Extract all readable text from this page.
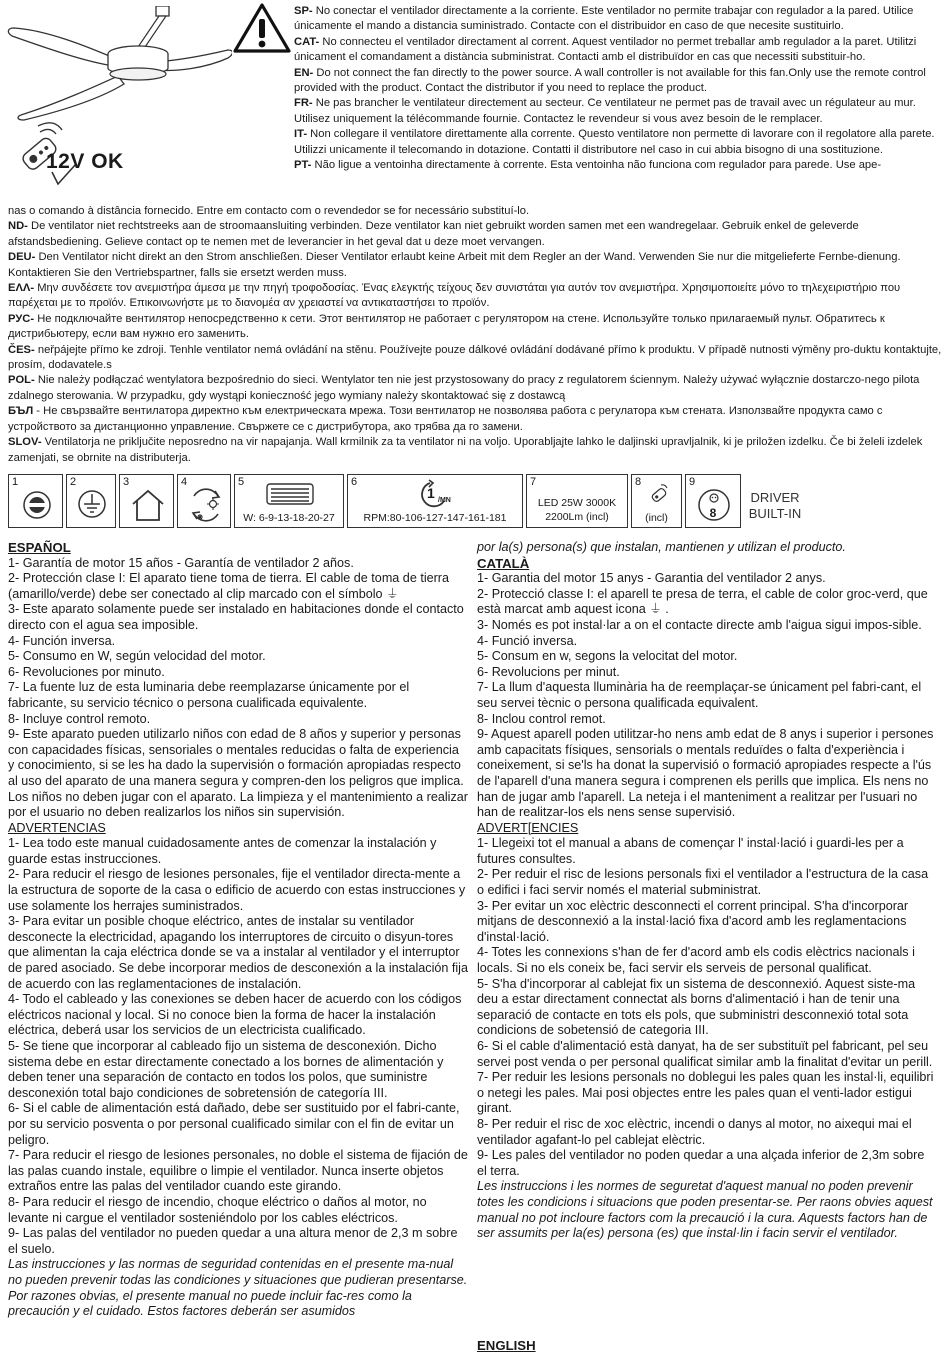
12V OK
SP- No conectar el ventilador directamente a la corriente. Este ventilador no permite trabajar con regulador a la pared. Utilice únicamente el mando a distancia suministrado. Contacte con el distribuidor en caso de que necesite sustituirlo.
CAT- No connecteu el ventilador directament al corrent. Aquest ventilador no permet treballar amb regulador a la paret. Utilitzi únicament el comandament a distància subministrat. Contacti amb el distribuïdor en cas que necessiti substituir-ho.
EN- Do not connect the fan directly to the power source. A wall controller is not available for this fan.Only use the remote control provided with the product. Contact the distributor if you need to replace the product.
FR- Ne pas brancher le ventilateur directement au secteur. Ce ventilateur ne permet pas de travail avec un régulateur au mur. Utilisez uniquement la télécommande fournie. Contactez le revendeur si vous avez besoin de le remplacer.
IT- Non collegare il ventilatore direttamente alla corrente. Questo ventilatore non permette di lavorare con il regolatore alla parete. Utilizzi unicamente il telecomando in dotazione. Contatti il distributore nel caso in cui abbia bisogno di una sostituzione.
PT- Não ligue a ventoinha directamente à corrente. Esta ventoinha não funciona com regulador para parede. Use ape-
nas o comando à distância fornecido. Entre em contacto com o revendedor se for necessário substituí-lo.
ND- De ventilator niet rechtstreeks aan de stroomaansluiting verbinden. Deze ventilator kan niet gebruikt worden samen met een wandregelaar. Gebruik enkel de geleverde afstandsbediening. Gelieve contact op te nemen met de leverancier in het geval dat u deze moet vervangen.
DEU- Den Ventilator nicht direkt an den Strom anschließen. Dieser Ventilator erlaubt keine Arbeit mit dem Regler an der Wand. Verwenden Sie nur die mitgelieferte Fernbe-dienung. Kontaktieren Sie den Vertriebspartner, falls sie ersetzt werden muss.
ΕΛΛ- Μην συνδέσετε τον ανεμιστήρα άμεσα με την πηγή τροφοδοσίας. Ένας ελεγκτής τείχους δεν συνιστάται για αυτόν τον ανεμιστήρα. Χρησιμοποιείτε μόνο το τηλεχειριστήριο που παρέχεται με το προϊόν. Επικοινωνήστε με το διανομέα αν χρειαστεί να αντικαταστήσει το προϊόν.
РУС- Не подключайте вентилятор непосредственно к сети. Этот вентилятор не работает с регулятором на стене. Используйте только прилагаемый пульт. Обратитесь к дистрибьютеру, если вам нужно его заменить.
ČES- neřpájejte přímo ke zdroji. Tenhle ventilator nemá ovládání na stěnu. Používejte pouze dálkové ovládání dodávané přímo k produktu. V případě nutnosti výměny pro-duktu kontaktujte, prosím, dodavatele.s
POL- Nie należy podłączać wentylatora bezpośrednio do sieci. Wentylator ten nie jest przystosowany do pracy z regulatorem ściennym. Należy używać wyłącznie dostarczo-nego pilota zdalnego sterowania. W przypadku, gdy wystąpi konieczność jego wymiany należy skontaktować się z dostawcą
БЪЛ - Не свързвайте вентилатора директно към електрическата мрежа. Този вентилатор не позволява работа с регулатора към стената. Използвайте продукта само с устройството за дистанционно управление. Свържете се с дистрибутора, ако трябва да го замени.
SLOV- Ventilatorja ne priključite neposredno na vir napajanja. Wall krmilnik za ta ventilator ni na voljo. Uporabljajte lahko le daljinski upravljalnik, ki je priložen izdelku. Če bi želeli izdelek zamenjati, se obrnite na distributerja.
1	2	3	4	5
W: 6-9-13-18-20-27
6
1 /MN
RPM:80-106-127-147-161-181
7
LED 25W 3000K
2200Lm (incl)
8
(incl)
9
8
DRIVER
BUILT-IN

ESPAÑOL

1- Garantía de motor 15 años - Garantía de ventilador 2 años.

2- Protección clase I: El aparato tiene toma de tierra. El cable de toma de tierra (amarillo/verde) debe ser conectado al clip marcado con el símbolo ⏚

3- Este aparato solamente puede ser instalado en habitaciones donde el contacto directo con el agua sea imposible.

4- Función inversa.

5- Consumo en W, según velocidad del motor.

6- Revoluciones por minuto.

7- La fuente luz de esta luminaria debe reemplazarse únicamente por el fabricante, su servicio técnico o persona cualificada equivalente.

8- Incluye control remoto.

9- Este aparato pueden utilizarlo niños con edad de 8 años y superior y personas con capacidades físicas, sensoriales o mentales reducidas o falta de experiencia y conocimiento, si se les ha dado la supervisión o formación apropiadas respecto al uso del aparato de una manera segura y compren-den los peligros que implica. Los niños no deben jugar con el aparato. La limpieza y el mantenimiento a realizar por el usuario no deben realizarlos los niños sin supervisión.

ADVERTENCIAS

1- Lea todo este manual cuidadosamente antes de comenzar la instalación y guarde estas instrucciones.

2- Para reducir el riesgo de lesiones personales, fije el ventilador directa-mente a la estructura de soporte de la casa o edificio de acuerdo con estas instrucciones y use solamente los herrajes suministrados.

3- Para evitar un posible choque eléctrico, antes de instalar su ventilador desconecte la electricidad, apagando los interruptores de circuito o disyun-tores que alimentan la caja eléctrica donde se va a instalar al ventilador y el interruptor de pared asociado. Se debe incorporar medios de desconexión a la instalación fija de acuerdo con las reglamentaciones de instalación.

4- Todo el cableado y las conexiones se deben hacer de acuerdo con los códigos eléctricos nacional y local. Si no conoce bien la forma de hacer la instalación eléctrica, deberá usar los servicios de un electricista cualificado.

5- Se tiene que incorporar al cableado fijo un sistema de desconexión. Dicho sistema debe en estar directamente conectado a los bornes de alimentación y deben tener una separación de contacto en todos los polos, que suministre desconexión total bajo condiciones de sobretensión de categoría III.

6- Si el cable de alimentación está dañado, debe ser sustituido por el fabri-cante, por su servicio posventa o por personal cualificado similar con el fin de evitar un peligro.

7- Para reducir el riesgo de lesiones personales, no doble el sistema de fijación de las palas cuando instale, equilibre o limpie el ventilador. Nunca inserte objetos extraños entre las palas del ventilador cuando este girando.

8- Para reducir el riesgo de incendio, choque eléctrico o daños al motor, no levante ni cargue el ventilador sosteniéndolo por los cables eléctricos.

9- Las palas del ventilador no pueden quedar a una altura menor de 2,3 m sobre el suelo.

Las instrucciones y las normas de seguridad contenidas en el presente ma-nual no pueden prevenir todas las condiciones y situaciones que pudieran presentarse. Por razones obvias, el presente manual no puede incluir fac-res como la precaución y el cuidado. Estos factores deberán ser asumidos

por la(s) persona(s) que instalan, mantienen y utilizan el producto.

CATALÀ

1- Garantia del motor 15 anys - Garantia del ventilador 2 anys.

2- Protecció classe I: el aparell te presa de terra, el cable de color groc-verd, que està marcat amb aquest icona ⏚ .

3- Només es pot instal·lar a on el contacte directe amb l'aigua sigui impos-sible.

4- Funció inversa.

5- Consum en w, segons la velocitat del motor.

6- Revolucions per minut.

7- La llum d'aquesta lluminària ha de reemplaçar-se únicament pel fabri-cant, el seu servei tècnic o persona qualificada equivalent.

8- Inclou control remot.

9- Aquest aparell poden utilitzar-ho nens amb edat de 8 anys i superior i persones amb capacitats físiques, sensorials o mentals reduïdes o falta d'experiència i coneixement, si se'ls ha donat la supervisió o formació apropiades respecte a l'ús de l'aparell d'una manera segura i comprenen els perills que implica. Els nens no han de jugar amb l'aparell. La neteja i el manteniment a realitzar per l'usuari no han de realitzar-los els nens sense supervisió.

ADVERT[ENCIES

1- Llegeixi tot el manual a abans de començar l' instal·lació i guardi-les per a futures consultes.

2- Per reduir el risc de lesions personals fixi el ventilador a l'estructura de la casa o edifici i faci servir només el material subministrat.

3- Per evitar un xoc elèctric desconnecti el corrent principal. S'ha d'incorporar mitjans de desconnexió a la instal·lació fixa d'acord amb les reglamentacions d'instal·lació.

4- Totes les connexions s'han de fer d'acord amb els codis elèctrics nacionals i locals. Si no els coneix be, faci servir els serveis de personal qualificat.

5- S'ha d'incorporar al cablejat fix un sistema de desconnexió. Aquest siste-ma deu a estar directament connectat als borns d'alimentació i han de tenir una separació de contacte en tots els pols, que subministri desconnexió total sota condicions de sobetensió de categoria III.

6- Si el cable d'alimentació està danyat, ha de ser substituït pel fabricant, pel seu servei post venda o per personal qualificat similar amb la finalitat d'evitar un perill.

7- Per reduir les lesions personals no doblegui les pales quan les instal·li, equilibri o netegi les pales. Mai posi objectes entre les pales quan el venti-lador estigui girant.

8- Per reduir el risc de xoc elèctric, incendi o danys al motor, no aixequi mai el ventilador agafant-lo pel cablejat elèctric.

9- Les pales del ventilador no poden quedar a una alçada inferior de 2,3m sobre el terra.

Les instruccions i les normes de seguretat d'aquest manual no poden prevenir totes les condicions i situacions que poden presentar-se. Per raons obvies aquest manual no pot incloure factors com la precaució i la cura. Aquests factors han de ser assumits per la(es) persona (es) que instal·lin i facin servir el ventilador.

ENGLISH
